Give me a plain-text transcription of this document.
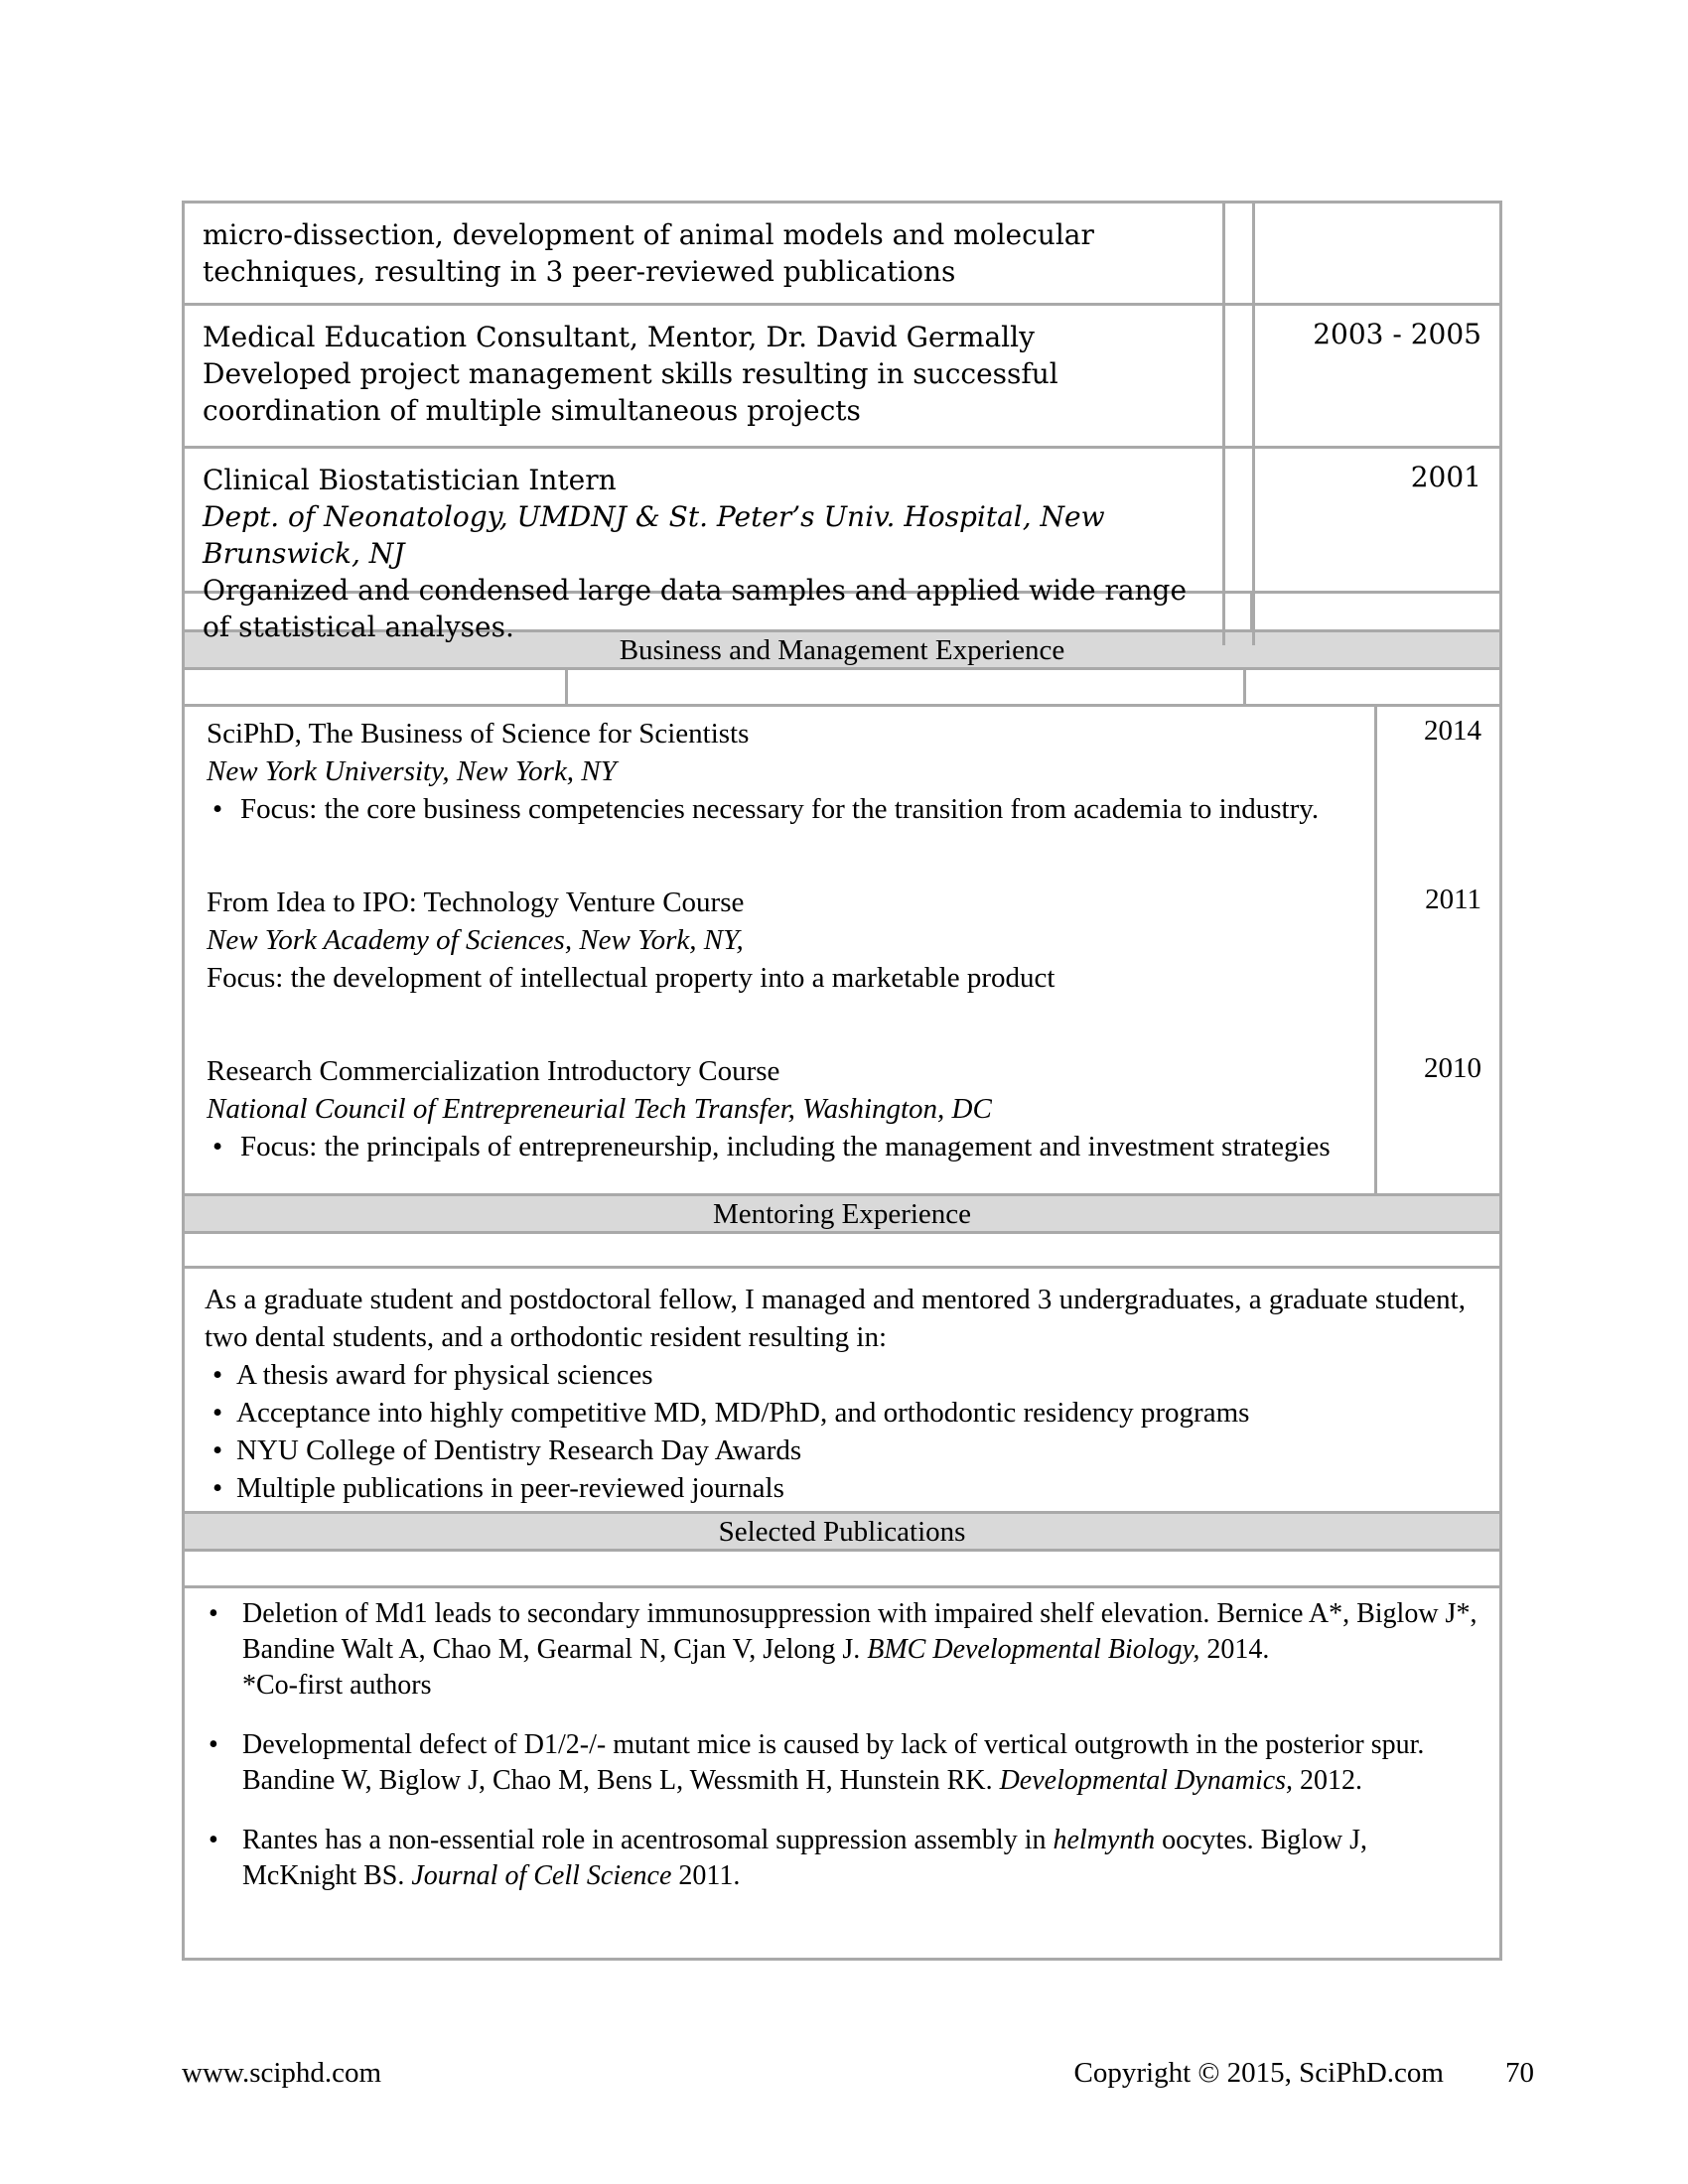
micro-dissection, development of animal models and molecular techniques, resulting in 3 peer-reviewed publications
Medical Education Consultant, Mentor, Dr. David Germally
Developed project management skills resulting in successful coordination of multiple simultaneous projects
2003 - 2005
Clinical Biostatistician Intern
Dept. of Neonatology, UMDNJ & St. Peter’s Univ. Hospital, New Brunswick, NJ
Organized and condensed large data samples and applied wide range of statistical analyses.
2001
Business and Management Experience
SciPhD, The Business of Science for Scientists
New York University, New York, NY
• Focus: the core business competencies necessary for the transition from academia to industry.
2014
From Idea to IPO: Technology Venture Course
New York Academy of Sciences, New York, NY,
Focus: the development of intellectual property into a marketable product
2011
Research Commercialization Introductory Course
National Council of Entrepreneurial Tech Transfer, Washington, DC
• Focus: the principals of entrepreneurship, including the management and investment strategies
2010
Mentoring Experience
As a graduate student and postdoctoral fellow, I managed and mentored 3 undergraduates, a graduate student, two dental students, and a orthodontic resident resulting in:
• A thesis award for physical sciences
• Acceptance into highly competitive MD, MD/PhD, and orthodontic residency programs
• NYU College of Dentistry Research Day Awards
• Multiple publications in peer-reviewed journals
Selected Publications
• Deletion of Md1 leads to secondary immunosuppression with impaired shelf elevation. Bernice A*, Biglow J*, Bandine Walt A, Chao M, Gearmal N, Cjan V, Jelong J. BMC Developmental Biology, 2014.
*Co-first authors
• Developmental defect of D1/2-/- mutant mice is caused by lack of vertical outgrowth in the posterior spur. Bandine W, Biglow J, Chao M, Bens L, Wessmith H, Hunstein RK. Developmental Dynamics, 2012.
• Rantes has a non-essential role in acentrosomal suppression assembly in helmynth oocytes. Biglow J, McKnight BS. Journal of Cell Science 2011.
www.sciphd.com	Copyright © 2015, SciPhD.com 70
